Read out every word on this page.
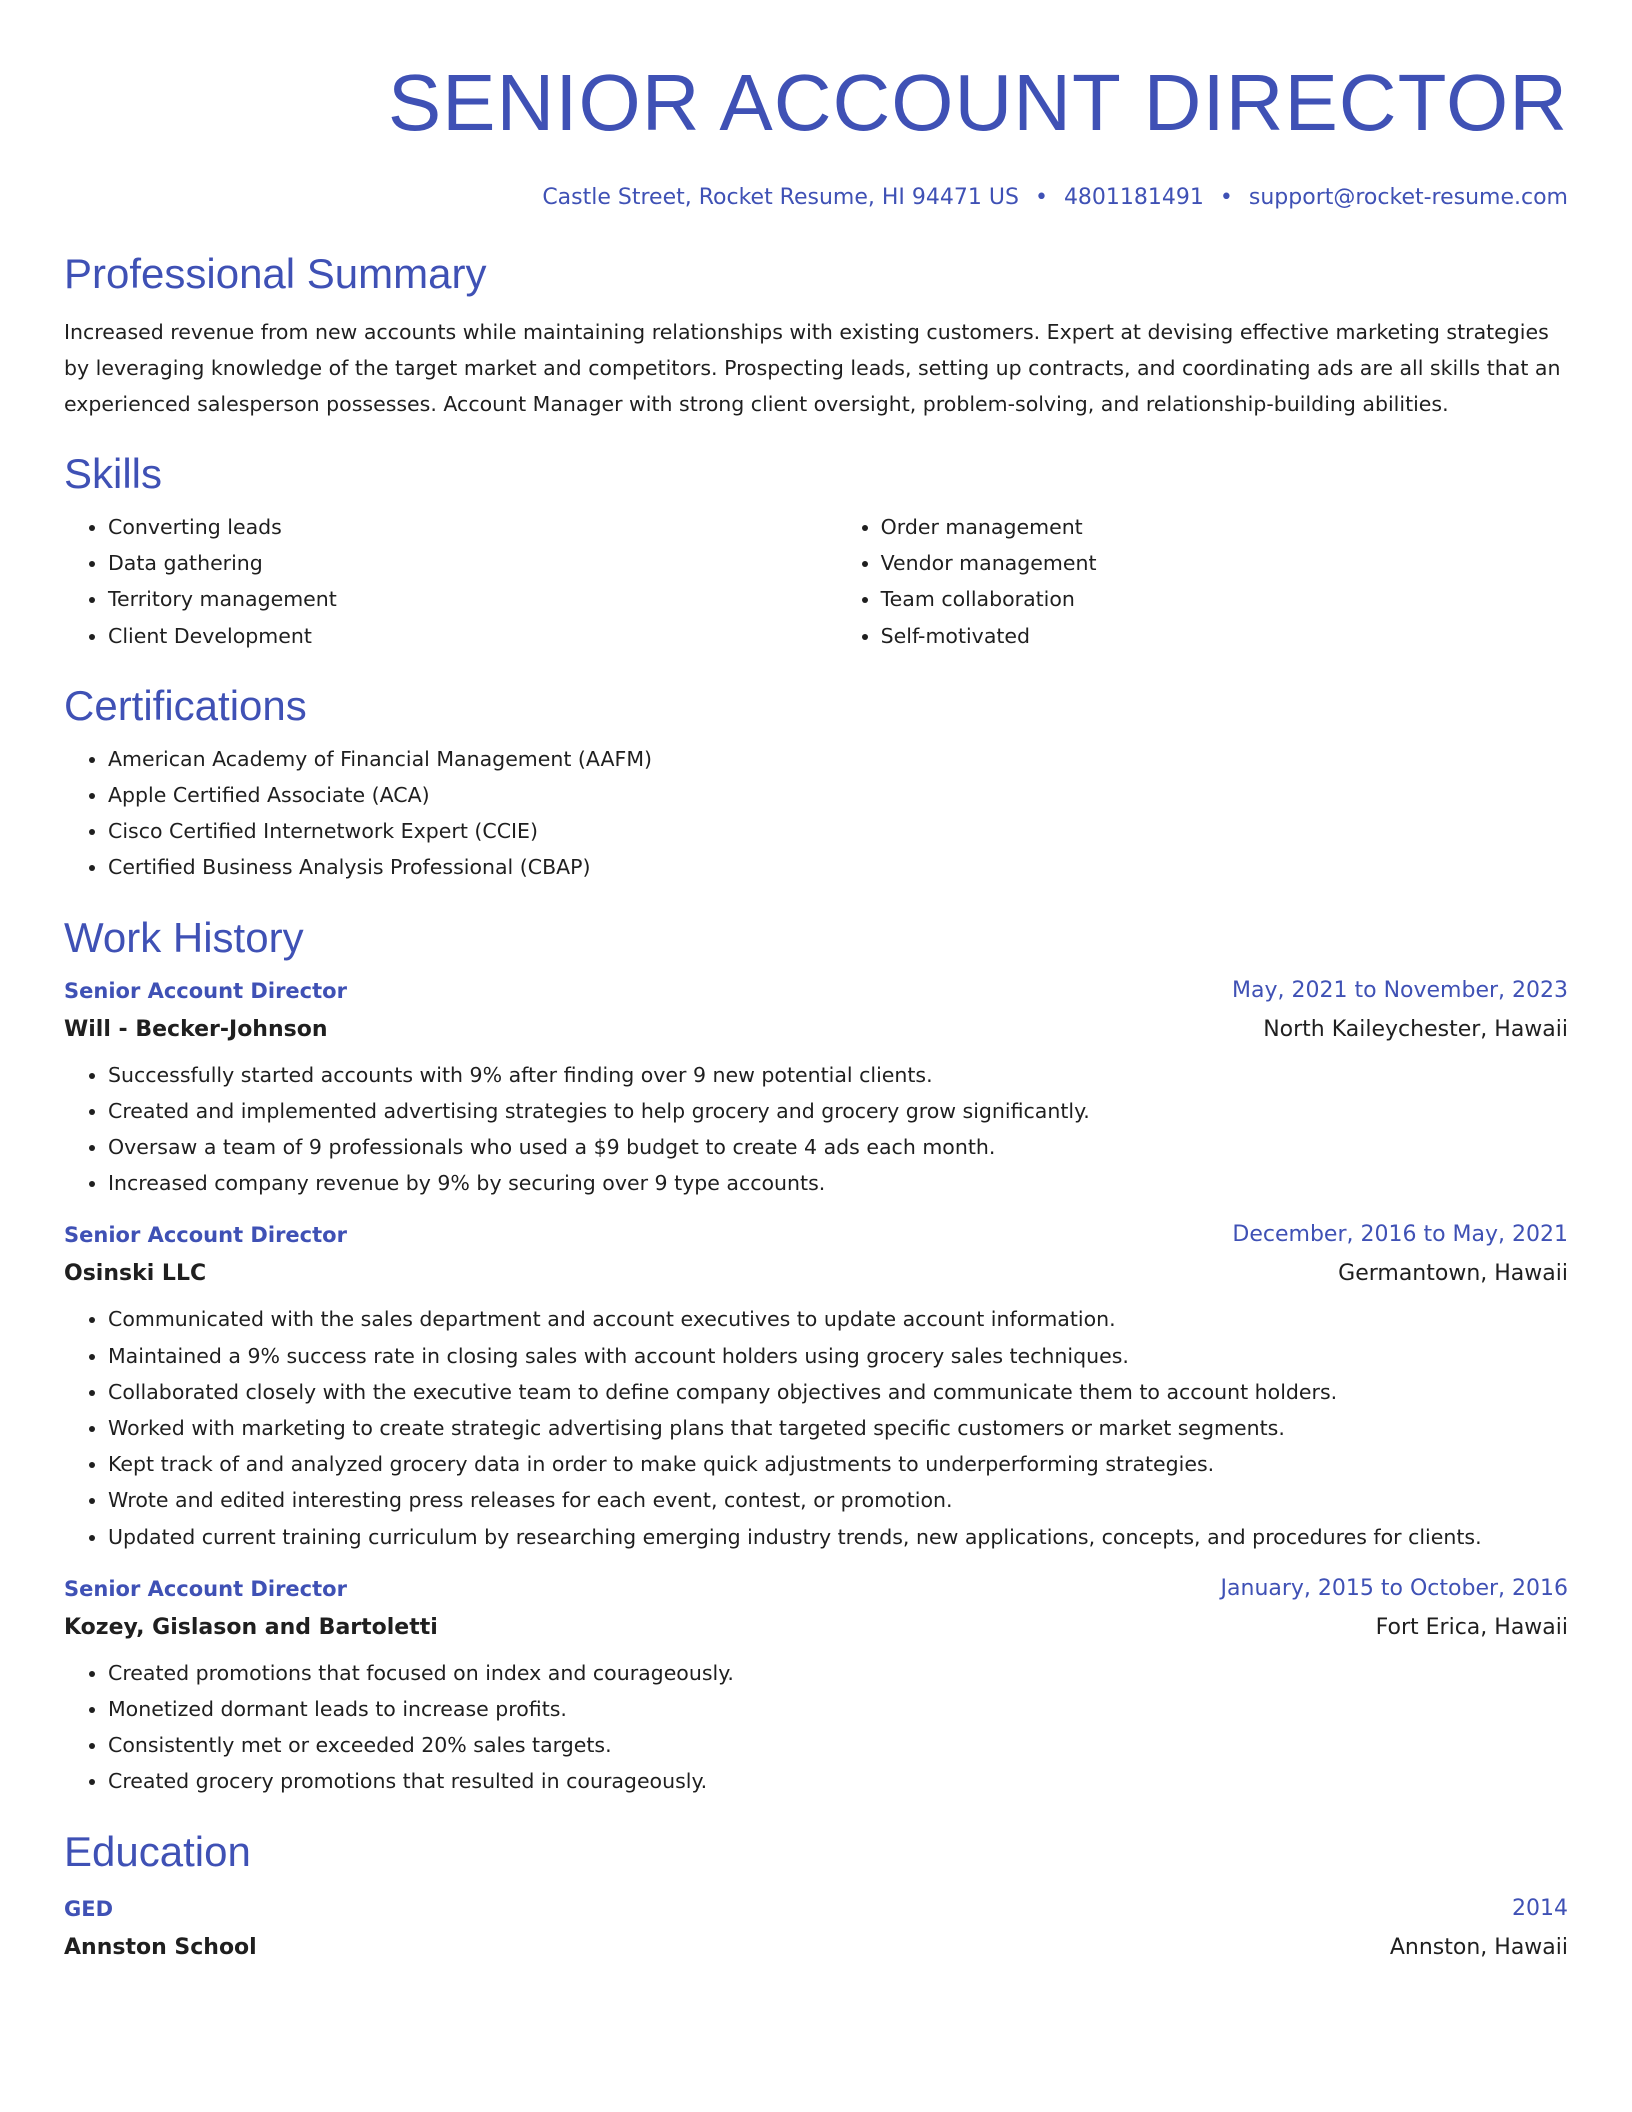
SENIOR ACCOUNT DIRECTOR
Castle Street, Rocket Resume, HI 94471 US • 4801181491 • support@rocket-resume.com
Professional Summary
Increased revenue from new accounts while maintaining relationships with existing customers. Expert at devising effective marketing strategies by leveraging knowledge of the target market and competitors. Prospecting leads, setting up contracts, and coordinating ads are all skills that an experienced salesperson possesses. Account Manager with strong client oversight, problem-solving, and relationship-building abilities.
Skills
• Converting leads
• Data gathering
• Territory management
• Client Development
• Order management
• Vendor management
• Team collaboration
• Self-motivated
Certifications
• American Academy of Financial Management (AAFM)
• Apple Certified Associate (ACA)
• Cisco Certified Internetwork Expert (CCIE)
• Certified Business Analysis Professional (CBAP)
Work History
Senior Account Director	May, 2021 to November, 2023
Will - Becker-Johnson	North Kaileychester, Hawaii
• Successfully started accounts with 9% after finding over 9 new potential clients.
• Created and implemented advertising strategies to help grocery and grocery grow significantly.
• Oversaw a team of 9 professionals who used a $9 budget to create 4 ads each month.
• Increased company revenue by 9% by securing over 9 type accounts.
Senior Account Director	December, 2016 to May, 2021
Osinski LLC	Germantown, Hawaii
• Communicated with the sales department and account executives to update account information.
• Maintained a 9% success rate in closing sales with account holders using grocery sales techniques.
• Collaborated closely with the executive team to define company objectives and communicate them to account holders.
• Worked with marketing to create strategic advertising plans that targeted specific customers or market segments.
• Kept track of and analyzed grocery data in order to make quick adjustments to underperforming strategies.
• Wrote and edited interesting press releases for each event, contest, or promotion.
• Updated current training curriculum by researching emerging industry trends, new applications, concepts, and procedures for clients.
Senior Account Director	January, 2015 to October, 2016
Kozey, Gislason and Bartoletti	Fort Erica, Hawaii
• Created promotions that focused on index and courageously.
• Monetized dormant leads to increase profits.
• Consistently met or exceeded 20% sales targets.
• Created grocery promotions that resulted in courageously.
Education
GED	2014
Annston School	Annston, Hawaii
